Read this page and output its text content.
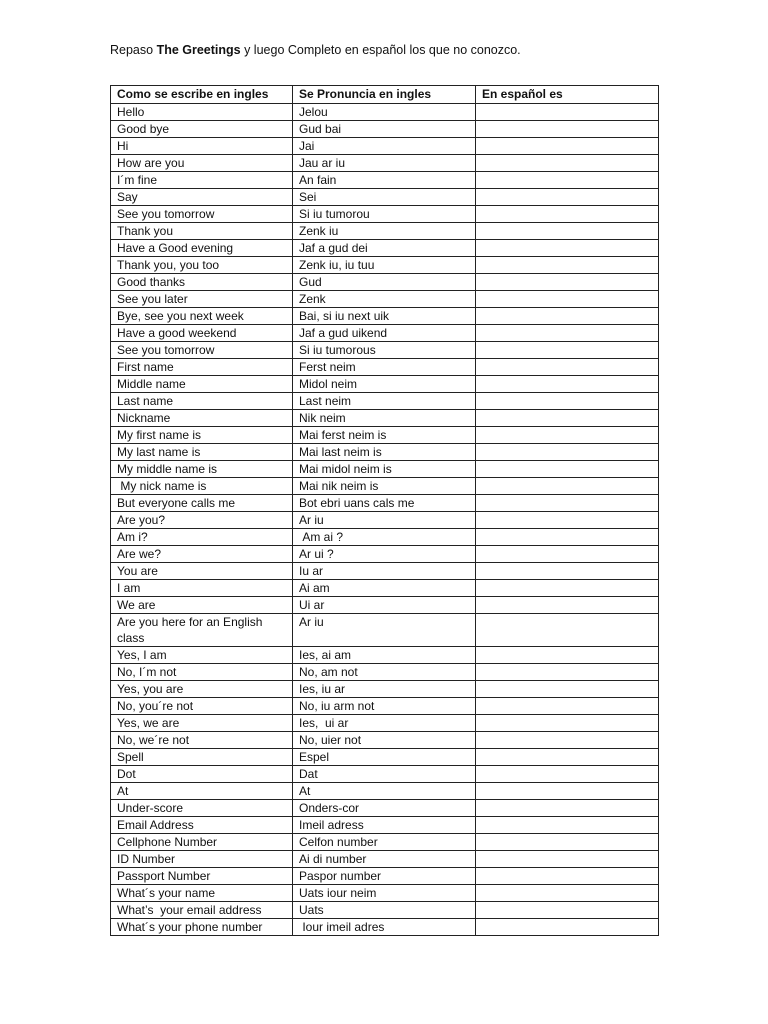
Repaso The Greetings y luego Completo en español los que no conozco.
Como se escribe en ingles	Se Pronuncia en ingles	En español es
Hello	Jelou	
Good bye	Gud bai	
Hi	Jai	
How are you	Jau ar iu	
I´m fine	An fain	
Say	Sei	
See you tomorrow	Si iu tumorou	
Thank you	Zenk iu	
Have a Good evening	Jaf a gud dei	
Thank you, you too	Zenk iu, iu tuu	
Good thanks	Gud	
See you later	Zenk	
Bye, see you next week	Bai, si iu next uik	
Have a good weekend	Jaf a gud uikend	
See you tomorrow	Si iu tumorous	
First name	Ferst neim	
Middle name	Midol neim	
Last name	Last neim	
Nickname	Nik neim	
My first name is	Mai ferst neim is	
My last name is	Mai last neim is	
My middle name is	Mai midol neim is	
My nick name is	Mai nik neim is	
But everyone calls me	Bot ebri uans cals me	
Are you?	Ar iu	
Am i?	Am ai ?	
Are we?	Ar ui ?	
You are	Iu ar	
I am	Ai am	
We are	Ui ar	
Are you here for an English class	Ar iu	
Yes, I am	Ies, ai am	
No, I´m not	No, am not	
Yes, you are	Ies, iu ar	
No, you´re not	No, iu arm not	
Yes, we are	Ies,  ui ar	
No, we´re not	No, uier not	
Spell	Espel	
Dot	Dat	
At	At	
Under-score	Onders-cor	
Email Address	Imeil adress	
Cellphone Number	Celfon number	
ID Number	Ai di number	
Passport Number	Paspor number	
What´s your name	Uats iour neim	
What’s  your email address	Uats	
What´s your phone number	Iour imeil adres	
